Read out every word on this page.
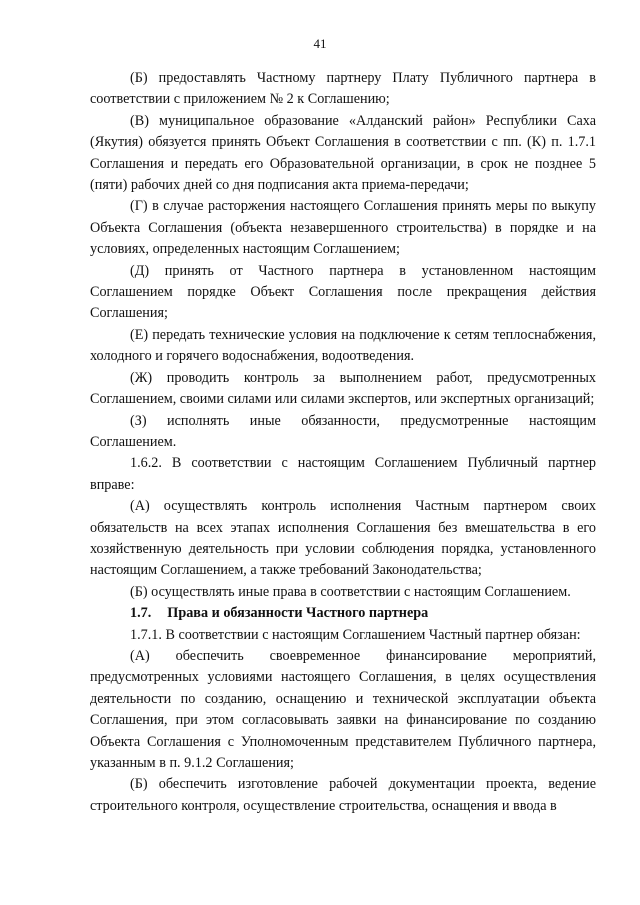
41

(Б) предоставлять Частному партнеру Плату Публичного партнера в соответствии с приложением № 2 к Соглашению;

(В) муниципальное образование «Алданский район» Республики Саха (Якутия) обязуется принять Объект Соглашения в соответствии с пп. (К) п. 1.7.1 Соглашения и передать его Образовательной организации, в срок не позднее 5 (пяти) рабочих дней со дня подписания акта приема-передачи;

(Г) в случае расторжения настоящего Соглашения принять меры по выкупу Объекта Соглашения (объекта незавершенного строительства) в порядке и на условиях, определенных настоящим Соглашением;

(Д) принять от Частного партнера в установленном настоящим Соглашением порядке Объект Соглашения после прекращения действия Соглашения;

(Е) передать технические условия на подключение к сетям теплоснабжения, холодного и горячего водоснабжения, водоотведения.

(Ж) проводить контроль за выполнением работ, предусмотренных Соглашением, своими силами или силами экспертов, или экспертных организаций;

(З) исполнять иные обязанности, предусмотренные настоящим Соглашением.

1.6.2. В соответствии с настоящим Соглашением Публичный партнер вправе:

(А) осуществлять контроль исполнения Частным партнером своих обязательств на всех этапах исполнения Соглашения без вмешательства в его хозяйственную деятельность при условии соблюдения порядка, установленного настоящим Соглашением, а также требований Законодательства;

(Б) осуществлять иные права в соответствии с настоящим Соглашением.

1.7. Права и обязанности Частного партнера

1.7.1. В соответствии с настоящим Соглашением Частный партнер обязан:

(А) обеспечить своевременное финансирование мероприятий, предусмотренных условиями настоящего Соглашения, в целях осуществления деятельности по созданию, оснащению и технической эксплуатации объекта Соглашения, при этом согласовывать заявки на финансирование по созданию Объекта Соглашения с Уполномоченным представителем Публичного партнера, указанным в п. 9.1.2 Соглашения;

(Б) обеспечить изготовление рабочей документации проекта, ведение строительного контроля, осуществление строительства, оснащения и ввода в
